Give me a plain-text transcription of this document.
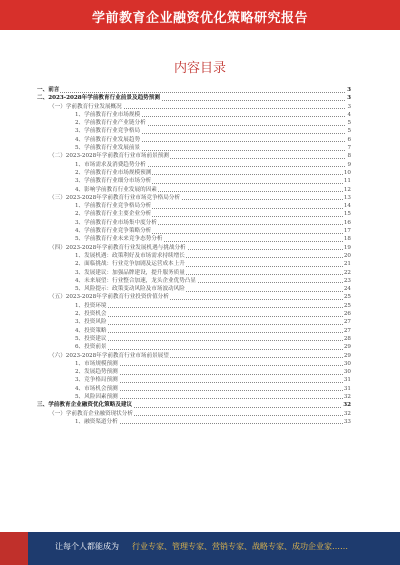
学前教育企业融资优化策略研究报告
内容目录
一、前言	3
二、2023-2028年学前教育行业前景及趋势预测	3
（一）学前教育行业发展概况	3
1、学前教育行业市场规模	4
2、学前教育行业产业链分析	5
3、学前教育行业竞争格局	5
4、学前教育行业发展趋势	6
5、学前教育行业发展前景	7
（二）2023-2028年学前教育行业市场前景预测	8
1、市场需求及消费趋势分析	9
2、学前教育行业市场规模预测	10
3、学前教育行业细分市场分析	11
4、影响学前教育行业发展的因素	12
（三）2023-2028年学前教育行业市场竞争格局分析	13
1、学前教育行业竞争格局分析	14
2、学前教育行业主要企业分析	15
3、学前教育行业市场集中度分析	16
4、学前教育行业竞争策略分析	17
5、学前教育行业未来竞争态势分析	18
（四）2023-2028年学前教育行业发展机遇与挑战分析	19
1、发展机遇：政策利好及市场需求持续增长	20
2、面临挑战：行业竞争加剧及运营成本上升	21
3、发展建议：加强品牌建设，提升服务质量	22
4、未来展望：行业整合加速，龙头企业优势凸显	23
5、风险提示：政策变动风险及市场波动风险	24
（五）2023-2028年学前教育行业投资价值分析	25
1、投资环境	25
2、投资机会	26
3、投资风险	27
4、投资策略	27
5、投资建议	28
6、投资前景	29
（六）2023-2028年学前教育行业市场前景展望	29
1、市场规模预测	30
2、发展趋势预测	30
3、竞争格局预测	31
4、市场机会预测	31
5、风险因素预测	32
三、学前教育企业融资优化策略及建议	32
（一）学前教育企业融资现状分析	32
1、融资渠道分析	33
让每个人都能成为 行业专家、管理专家、营销专家、战略专家、成功企业家……
